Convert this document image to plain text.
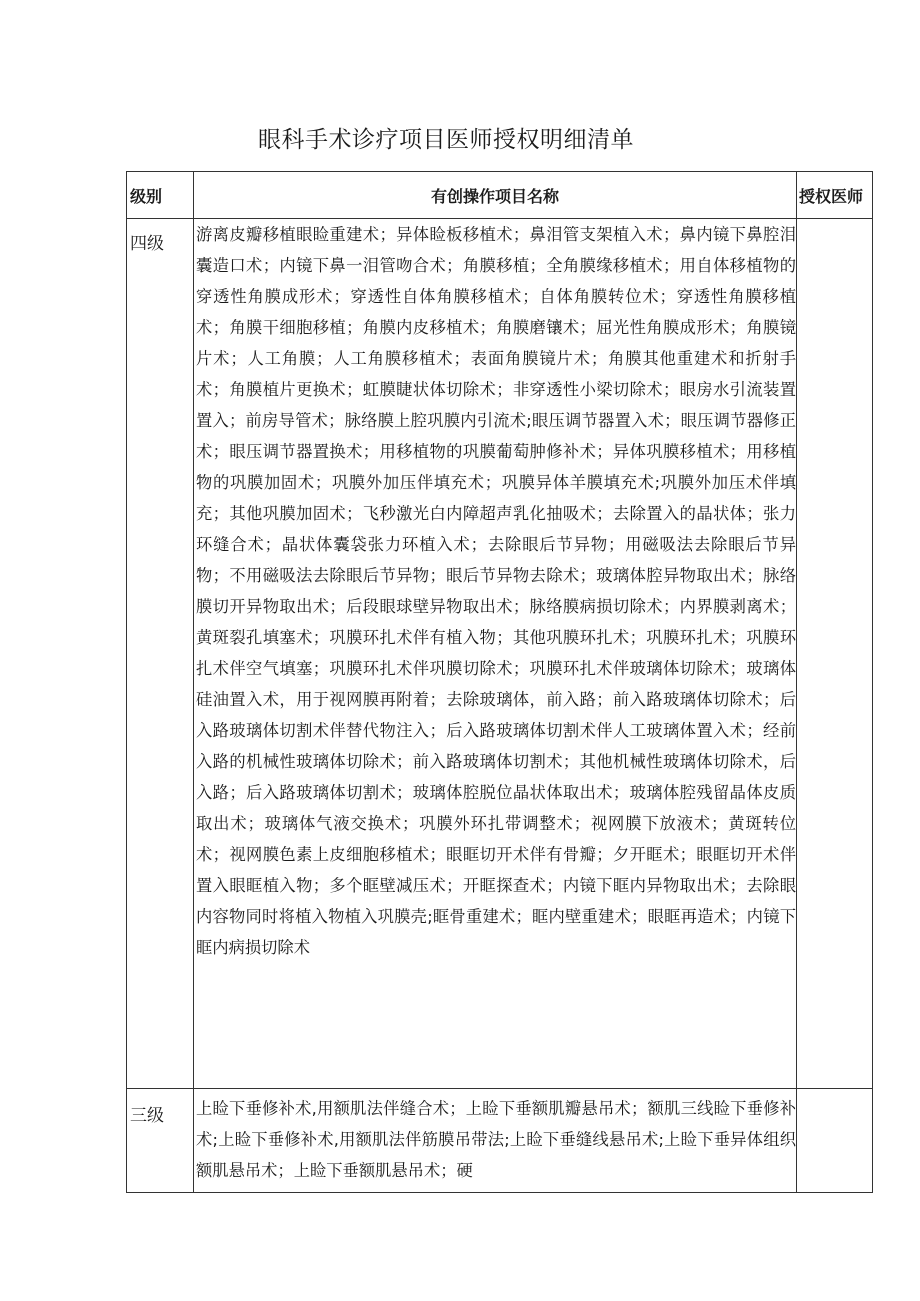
眼科手术诊疗项目医师授权明细清单
级别	有创操作项目名称	授权医师
四级	游离皮瓣移植眼睑重建术；异体睑板移植术；鼻泪管支架植入术；鼻内镜下鼻腔泪囊造口术；内镜下鼻一泪管吻合术；角膜移植；全角膜缘移植术；用自体移植物的穿透性角膜成形术；穿透性自体角膜移植术；自体角膜转位术；穿透性角膜移植术；角膜干细胞移植；角膜内皮移植术；角膜磨镶术；屈光性角膜成形术；角膜镜片术；人工角膜；人工角膜移植术；表面角膜镜片术；角膜其他重建术和折射手术；角膜植片更换术；虹膜睫状体切除术；非穿透性小梁切除术；眼房水引流装置置入；前房导管术；脉络膜上腔巩膜内引流术;眼压调节器置入术；眼压调节器修正术；眼压调节器置换术；用移植物的巩膜葡萄肿修补术；异体巩膜移植术；用移植物的巩膜加固术；巩膜外加压伴填充术；巩膜异体羊膜填充术;巩膜外加压术伴填充；其他巩膜加固术；飞秒激光白内障超声乳化抽吸术；去除置入的晶状体；张力环缝合术；晶状体囊袋张力环植入术；去除眼后节异物；用磁吸法去除眼后节异物；不用磁吸法去除眼后节异物；眼后节异物去除术；玻璃体腔异物取出术；脉络膜切开异物取出术；后段眼球壁异物取出术；脉络膜病损切除术；内界膜剥离术；黄斑裂孔填塞术；巩膜环扎术伴有植入物；其他巩膜环扎术；巩膜环扎术；巩膜环扎术伴空气填塞；巩膜环扎术伴巩膜切除术；巩膜环扎术伴玻璃体切除术；玻璃体硅油置入术，用于视网膜再附着；去除玻璃体，前入路；前入路玻璃体切除术；后入路玻璃体切割术伴替代物注入；后入路玻璃体切割术伴人工玻璃体置入术；经前入路的机械性玻璃体切除术；前入路玻璃体切割术；其他机械性玻璃体切除术，后入路；后入路玻璃体切割术；玻璃体腔脱位晶状体取出术；玻璃体腔残留晶体皮质取出术；玻璃体气液交换术；巩膜外环扎带调整术；视网膜下放液术；黄斑转位术；视网膜色素上皮细胞移植术；眼眶切开术伴有骨瓣；夕开眶术；眼眶切开术伴置入眼眶植入物；多个眶壁减压术；开眶探查术；内镜下眶内异物取出术；去除眼内容物同时将植入物植入巩膜壳;眶骨重建术；眶内壁重建术；眼眶再造术；内镜下眶内病损切除术	
三级	上睑下垂修补术,用额肌法伴缝合术；上睑下垂额肌瓣悬吊术；额肌三线睑下垂修补术;上睑下垂修补术,用额肌法伴筋膜吊带法;上睑下垂缝线悬吊术;上睑下垂异体组织额肌悬吊术；上睑下垂额肌悬吊术；硬	
